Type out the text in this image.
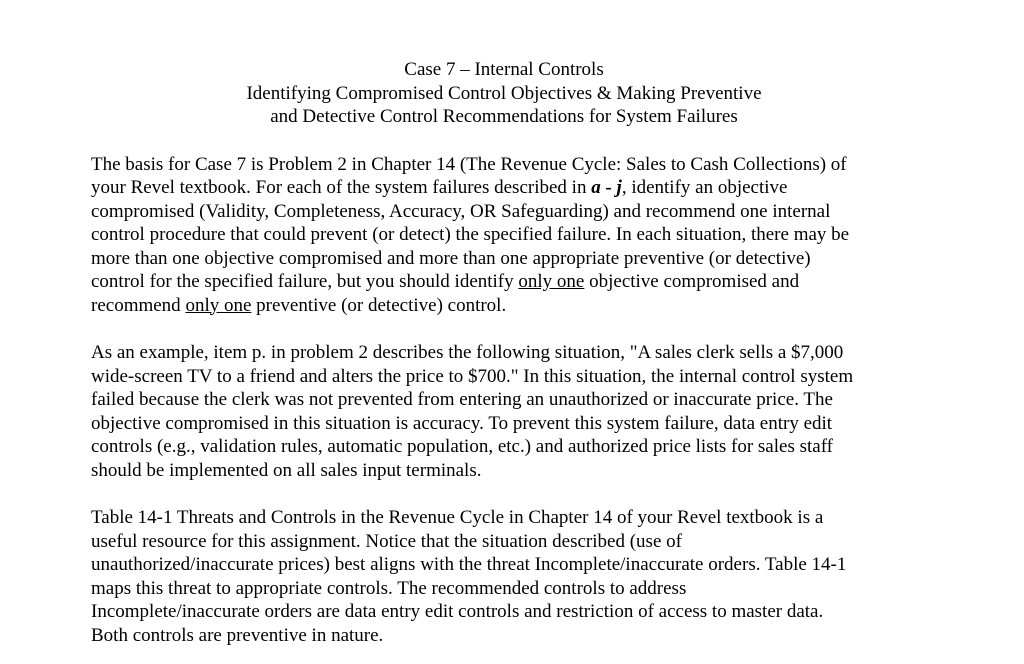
Case 7 – Internal Controls
Identifying Compromised Control Objectives & Making Preventive
and Detective Control Recommendations for System Failures
The basis for Case 7 is Problem 2 in Chapter 14 (The Revenue Cycle: Sales to Cash Collections) of
your Revel textbook. For each of the system failures described in a - j, identify an objective
compromised (Validity, Completeness, Accuracy, OR Safeguarding) and recommend one internal
control procedure that could prevent (or detect) the specified failure. In each situation, there may be
more than one objective compromised and more than one appropriate preventive (or detective)
control for the specified failure, but you should identify only one objective compromised and
recommend only one preventive (or detective) control.
As an example, item p. in problem 2 describes the following situation, "A sales clerk sells a $7,000
wide-screen TV to a friend and alters the price to $700." In this situation, the internal control system
failed because the clerk was not prevented from entering an unauthorized or inaccurate price. The
objective compromised in this situation is accuracy. To prevent this system failure, data entry edit
controls (e.g., validation rules, automatic population, etc.) and authorized price lists for sales staff
should be implemented on all sales input terminals.
Table 14-1 Threats and Controls in the Revenue Cycle in Chapter 14 of your Revel textbook is a
useful resource for this assignment. Notice that the situation described (use of
unauthorized/inaccurate prices) best aligns with the threat Incomplete/inaccurate orders. Table 14-1
maps this threat to appropriate controls. The recommended controls to address
Incomplete/inaccurate orders are data entry edit controls and restriction of access to master data.
Both controls are preventive in nature.
